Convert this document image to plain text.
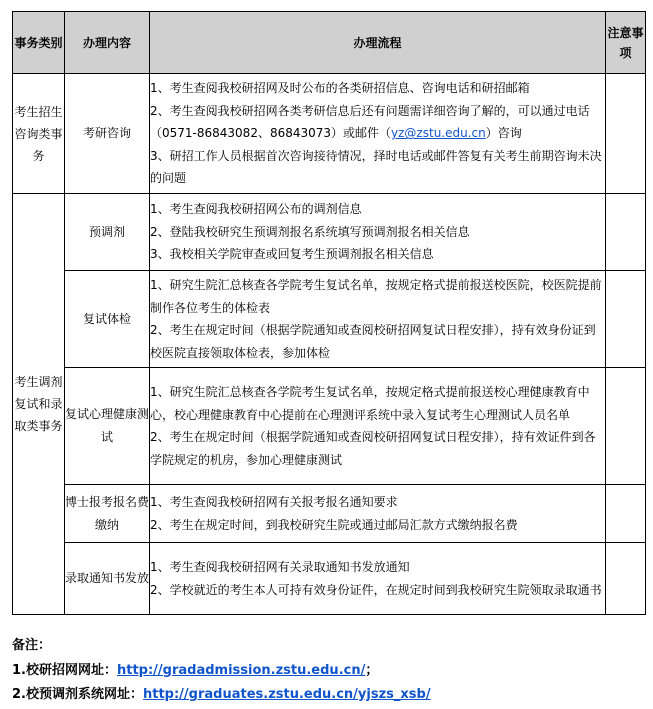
事务类别	办理内容	办理流程	注意事项
考生招生咨询类事务	考研咨询	1、考生查阅我校研招网及时公布的各类研招信息、咨询电话和研招邮箱
2、考生查阅我校研招网各类考研信息后还有问题需详细咨询了解的，可以通过电话（0571-86843082、86843073）或邮件（yz@zstu.edu.cn）咨询
3、研招工作人员根据首次咨询接待情况，择时电话或邮件答复有关考生前期咨询未决的问题	

考生调剂复试和录取类事务	预调剂	1、考生查阅我校研招网公布的调剂信息
2、登陆我校研究生预调剂报名系统填写预调剂报名相关信息
3、我校相关学院审查或回复考生预调剂报名相关信息	

	复试体检	1、研究生院汇总核查各学院考生复试名单，按规定格式提前报送校医院，校医院提前制作各位考生的体检表
2、考生在规定时间（根据学院通知或查阅校研招网复试日程安排），持有效身份证到校医院直接领取体检表，参加体检	

	复试心理健康测试	1、研究生院汇总核查各学院考生复试名单，按规定格式提前报送校心理健康教育中心，校心理健康教育中心提前在心理测评系统中录入复试考生心理测试人员名单
2、考生在规定时间（根据学院通知或查阅校研招网复试日程安排），持有效证件到各学院规定的机房，参加心理健康测试	

	博士报考报名费缴纳	1、考生查阅我校研招网有关报考报名通知要求
2、考生在规定时间，到我校研究生院或通过邮局汇款方式缴纳报名费	

	录取通知书发放	1、考生查阅我校研招网有关录取通知书发放通知
2、学校就近的考生本人可持有效身份证件，在规定时间到我校研究生院领取录取通书	

备注：
1.校研招网网址：http://gradadmission.zstu.edu.cn/；
2.校预调剂系统网址：http://graduates.zstu.edu.cn/yjszs_xsb/
